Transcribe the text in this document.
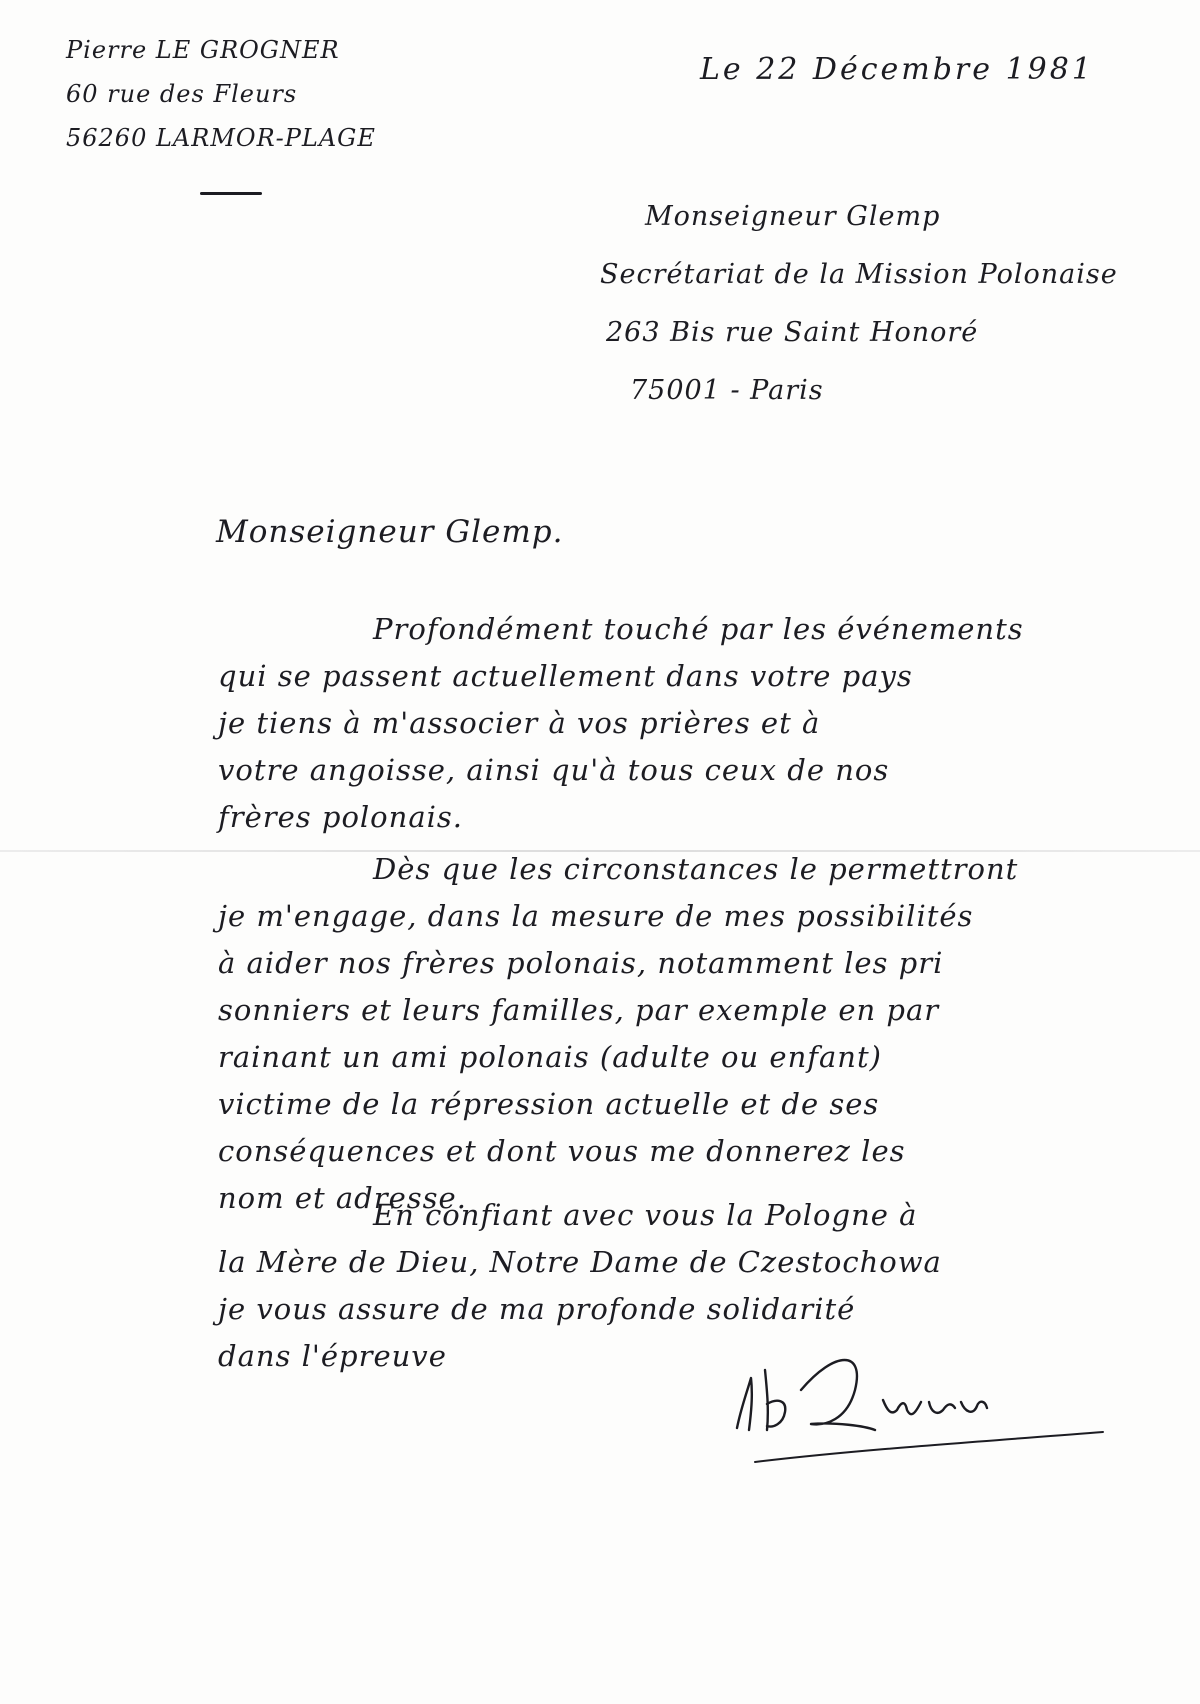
Pierre LE GROGNER
60 rue des Fleurs
56260 LARMOR-PLAGE
Le 22 Décembre 1981
Monseigneur Glemp
Secrétariat de la Mission Polonaise
263 Bis rue Saint Honoré
75001 - Paris
Monseigneur Glemp.
Profondément touché par les événements
qui se passent actuellement dans votre pays
je tiens à m'associer à vos prières et à
votre angoisse, ainsi qu'à tous ceux de nos
frères polonais.
Dès que les circonstances le permettront
je m'engage, dans la mesure de mes possibilités
à aider nos frères polonais, notamment les pri
sonniers et leurs familles, par exemple en par
rainant un ami polonais (adulte ou enfant)
victime de la répression actuelle et de ses
conséquences et dont vous me donnerez les
nom et adresse.
En confiant avec vous la Pologne à
la Mère de Dieu, Notre Dame de Czestochowa
je vous assure de ma profonde solidarité
dans l'épreuve
